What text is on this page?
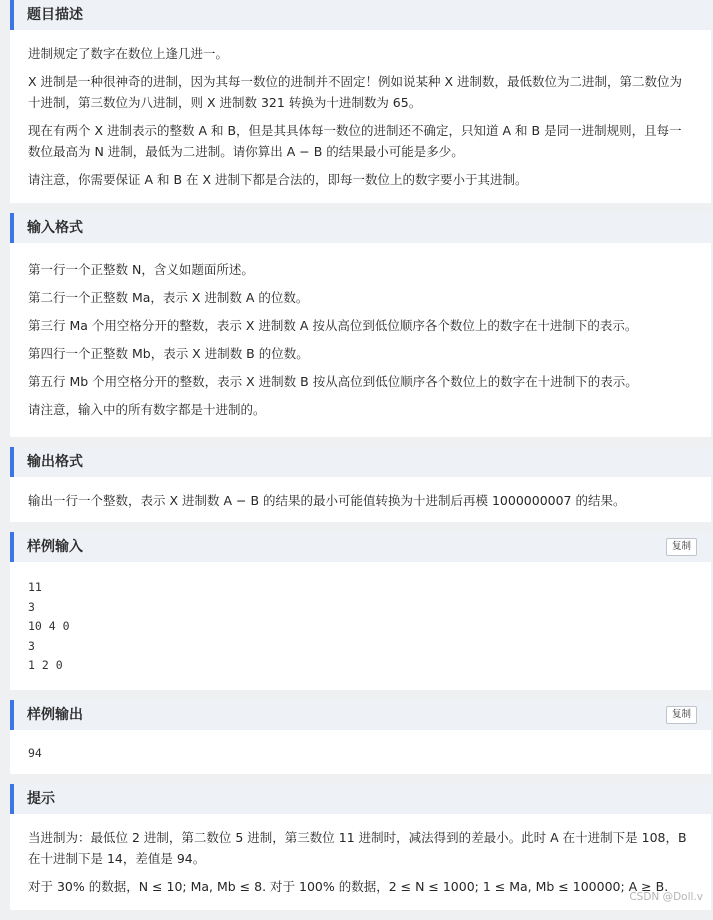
题目描述

进制规定了数字在数位上逢几进一。

X 进制是一种很神奇的进制，因为其每一数位的进制并不固定！例如说某种 X 进制数，最低数位为二进制，第二数位为十进制，第三数位为八进制，则 X 进制数 321 转换为十进制数为 65。

现在有两个 X 进制表示的整数 A 和 B，但是其具体每一数位的进制还不确定，只知道 A 和 B 是同一进制规则，且每一数位最高为 N 进制，最低为二进制。请你算出 A − B 的结果最小可能是多少。

请注意，你需要保证 A 和 B 在 X 进制下都是合法的，即每一数位上的数字要小于其进制。

输入格式

第一行一个正整数 N，含义如题面所述。

第二行一个正整数 Ma，表示 X 进制数 A 的位数。

第三行 Ma 个用空格分开的整数，表示 X 进制数 A 按从高位到低位顺序各个数位上的数字在十进制下的表示。

第四行一个正整数 Mb，表示 X 进制数 B 的位数。

第五行 Mb 个用空格分开的整数，表示 X 进制数 B 按从高位到低位顺序各个数位上的数字在十进制下的表示。

请注意，输入中的所有数字都是十进制的。

输出格式

输出一行一个整数，表示 X 进制数 A − B 的结果的最小可能值转换为十进制后再模 1000000007 的结果。

样例输入	复制
11
3
10 4 0
3
1 2 0
样例输出	复制
94
提示

当进制为：最低位 2 进制，第二数位 5 进制，第三数位 11 进制时，减法得到的差最小。此时 A 在十进制下是 108，B 在十进制下是 14，差值是 94。

对于 30% 的数据，N ≤ 10; Ma, Mb ≤ 8. 对于 100% 的数据，2 ≤ N ≤ 1000; 1 ≤ Ma, Mb ≤ 100000; A ≥ B.

CSDN @Doll.v
